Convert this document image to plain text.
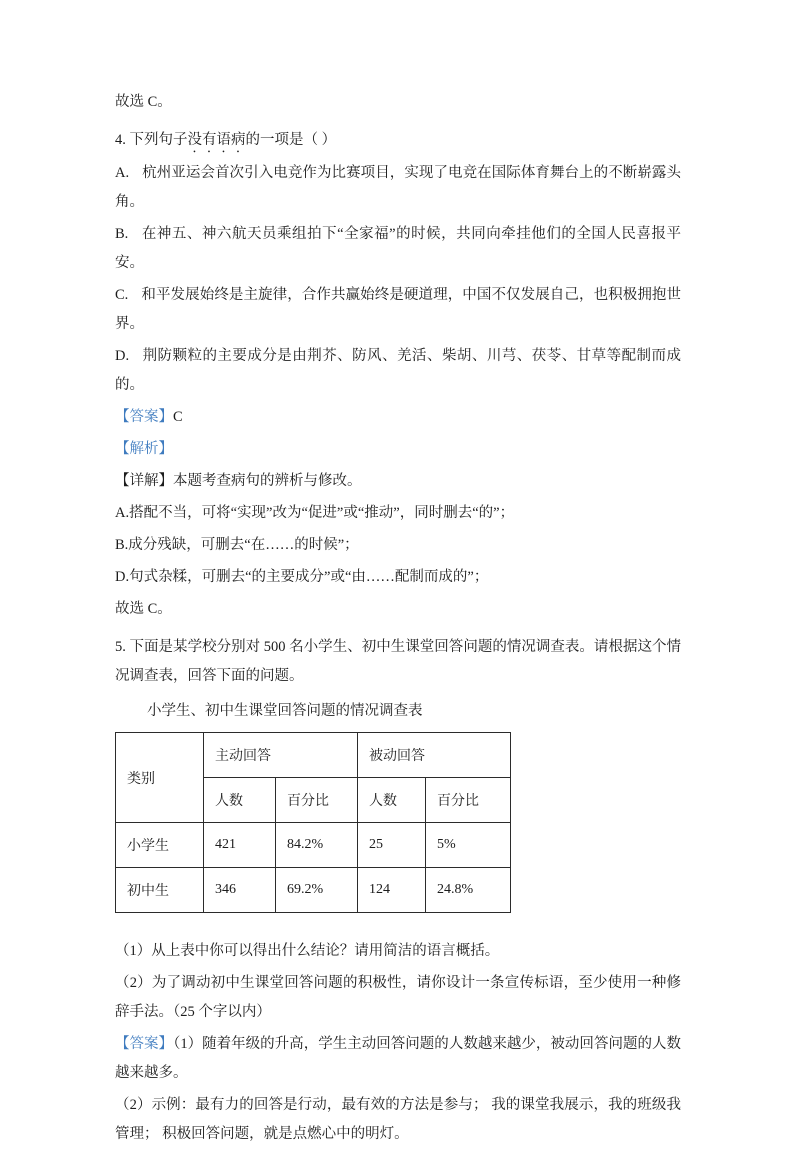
故选 C。

4. 下列句子没有语病的一项是（ ）

A. 杭州亚运会首次引入电竞作为比赛项目，实现了电竞在国际体育舞台上的不断崭露头角。

B. 在神五、神六航天员乘组拍下“全家福”的时候，共同向牵挂他们的全国人民喜报平安。

C. 和平发展始终是主旋律，合作共赢始终是硬道理，中国不仅发展自己，也积极拥抱世界。

D. 荆防颗粒的主要成分是由荆芥、防风、羌活、柴胡、川芎、茯苓、甘草等配制而成的。

【答案】C

【解析】

【详解】本题考查病句的辨析与修改。

A.搭配不当，可将“实现”改为“促进”或“推动”，同时删去“的”；

B.成分残缺，可删去“在……的时候”；

D.句式杂糅，可删去“的主要成分”或“由……配制而成的”；

故选 C。

5. 下面是某学校分别对 500 名小学生、初中生课堂回答问题的情况调查表。请根据这个情况调查表，回答下面的问题。

小学生、初中生课堂回答问题的情况调查表

类别	主动回答		被动回答	
	人数	百分比	人数	百分比
小学生	421	84.2%	25	5%
初中生	346	69.2%	124	24.8%

（1）从上表中你可以得出什么结论？请用简洁的语言概括。

（2）为了调动初中生课堂回答问题的积极性，请你设计一条宣传标语，至少使用一种修辞手法。（25 个字以内）

【答案】（1）随着年级的升高，学生主动回答问题的人数越来越少，被动回答问题的人数越来越多。

（2）示例：最有力的回答是行动，最有效的方法是参与； 我的课堂我展示，我的班级我管理； 积极回答问题，就是点燃心中的明灯。
